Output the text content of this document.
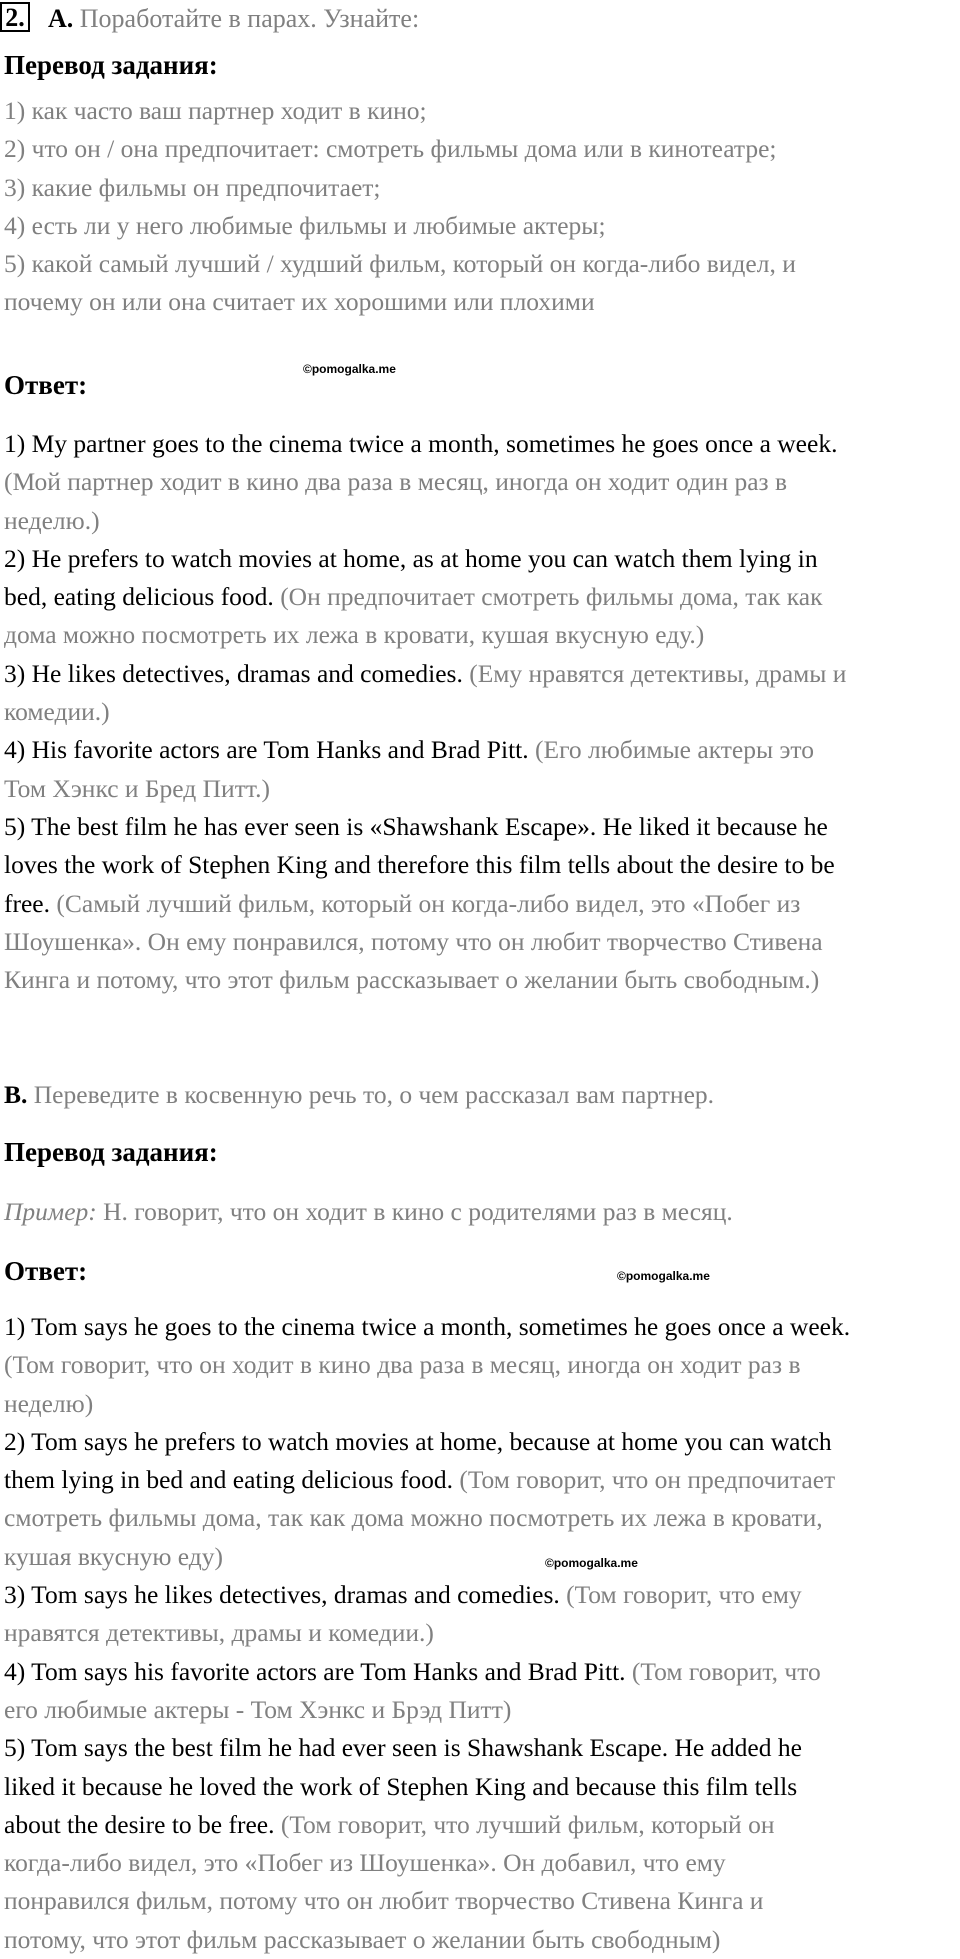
2. A. Поработайте в парах. Узнайте:
Перевод задания:
1) как часто ваш партнер ходит в кино;
2) что он / она предпочитает: смотреть фильмы дома или в кинотеатре;
3) какие фильмы он предпочитает;
4) есть ли у него любимые фильмы и любимые актеры;
5) какой самый лучший / худший фильм, который он когда-либо видел, и
почему он или она считает их хорошими или плохими
©pomogalka.me
Ответ:
1) My partner goes to the cinema twice a month, sometimes he goes once a week.
(Мой партнер ходит в кино два раза в месяц, иногда он ходит один раз в
неделю.)
2) He prefers to watch movies at home, as at home you can watch them lying in
bed, eating delicious food. (Он предпочитает смотреть фильмы дома, так как
дома можно посмотреть их лежа в кровати, кушая вкусную еду.)
3) He likes detectives, dramas and comedies. (Ему нравятся детективы, драмы и
комедии.)
4) His favorite actors are Tom Hanks and Brad Pitt. (Его любимые актеры это
Том Хэнкс и Бред Питт.)
5) The best film he has ever seen is «Shawshank Escape». He liked it because he
loves the work of Stephen King and therefore this film tells about the desire to be
free. (Самый лучший фильм, который он когда-либо видел, это «Побег из
Шоушенка». Он ему понравился, потому что он любит творчество Стивена
Кинга и потому, что этот фильм рассказывает о желании быть свободным.)
B. Переведите в косвенную речь то, о чем рассказал вам партнер.
Перевод задания:
Пример: Н. говорит, что он ходит в кино с родителями раз в месяц.
©pomogalka.me
Ответ:
1) Tom says he goes to the cinema twice a month, sometimes he goes once a week.
(Том говорит, что он ходит в кино два раза в месяц, иногда он ходит раз в
неделю)
2) Tom says he prefers to watch movies at home, because at home you can watch
them lying in bed and eating delicious food. (Том говорит, что он предпочитает
смотреть фильмы дома, так как дома можно посмотреть их лежа в кровати,
кушая вкусную еду)
3) Tom says he likes detectives, dramas and comedies. (Том говорит, что ему
нравятся детективы, драмы и комедии.)
4) Tom says his favorite actors are Tom Hanks and Brad Pitt. (Том говорит, что
его любимые актеры - Том Хэнкс и Брэд Питт)
5) Tom says the best film he had ever seen is Shawshank Escape. He added he
liked it because he loved the work of Stephen King and because this film tells
about the desire to be free. (Том говорит, что лучший фильм, который он
когда-либо видел, это «Побег из Шоушенка». Он добавил, что ему
понравился фильм, потому что он любит творчество Стивена Кинга и
потому, что этот фильм рассказывает о желании быть свободным)
©pomogalka.me
